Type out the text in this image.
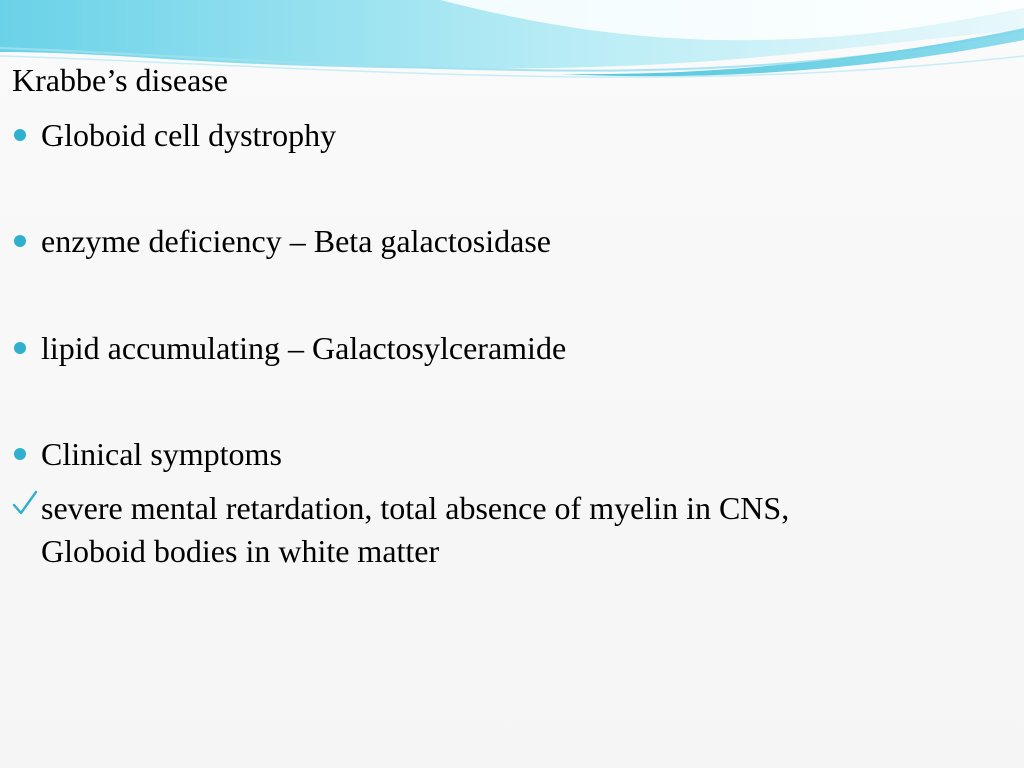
Krabbe’s disease
Globoid cell dystrophy
enzyme deficiency – Beta galactosidase
lipid accumulating – Galactosylceramide
Clinical symptoms
severe mental retardation, total absence of myelin in CNS,
Globoid bodies in white matter
